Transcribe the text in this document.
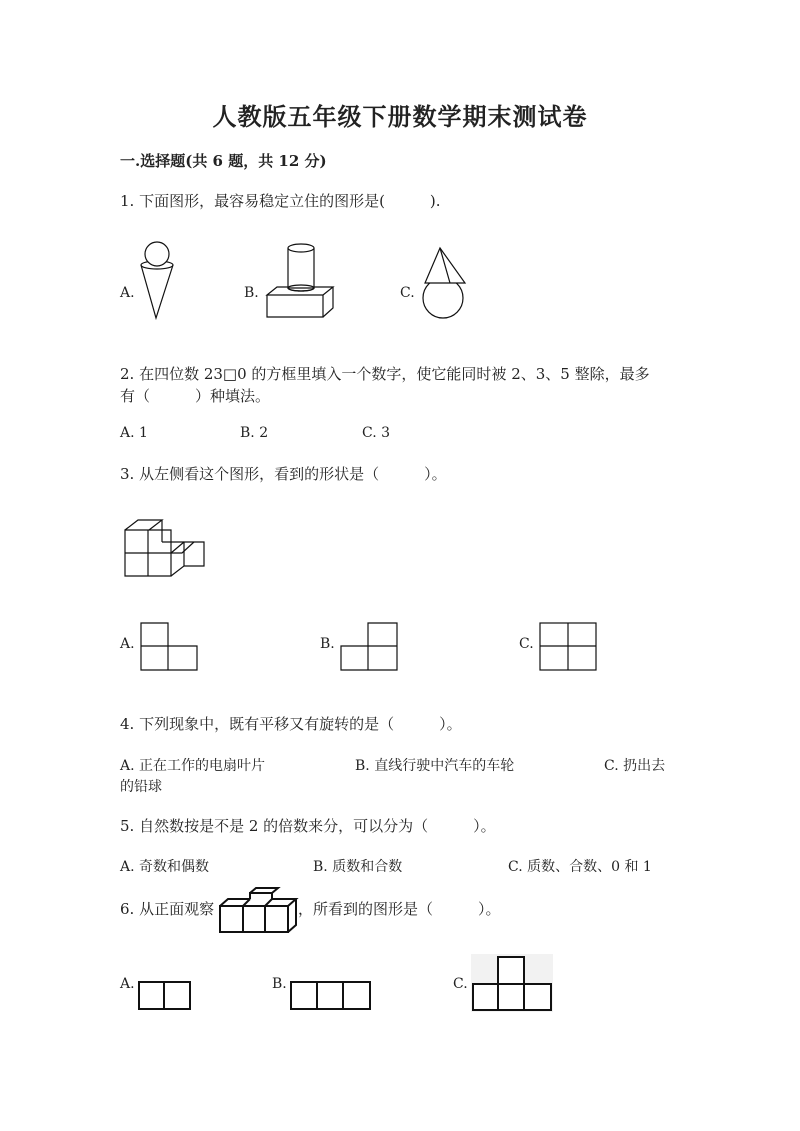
人教版五年级下册数学期末测试卷
一.选择题(共 6 题，共 12 分)
1. 下面图形，最容易稳定立住的图形是(　　　).
A.	B.	C.
2. 在四位数 23□0 的方框里填入一个数字，使它能同时被 2、3、5 整除，最多
有（　　　）种填法。
A. 1	B. 2	C. 3
3. 从左侧看这个图形，看到的形状是（　　　）。
A.	B.	C.
4. 下列现象中，既有平移又有旋转的是（　　　）。
A. 正在工作的电扇叶片	B. 直线行驶中汽车的车轮	C. 扔出去
的铅球
5. 自然数按是不是 2 的倍数来分，可以分为（　　　）。
A. 奇数和偶数	B. 质数和合数	C. 质数、合数、0 和 1
6. 从正面观察	，所看到的图形是（　　　）。
A.	B.	C.
